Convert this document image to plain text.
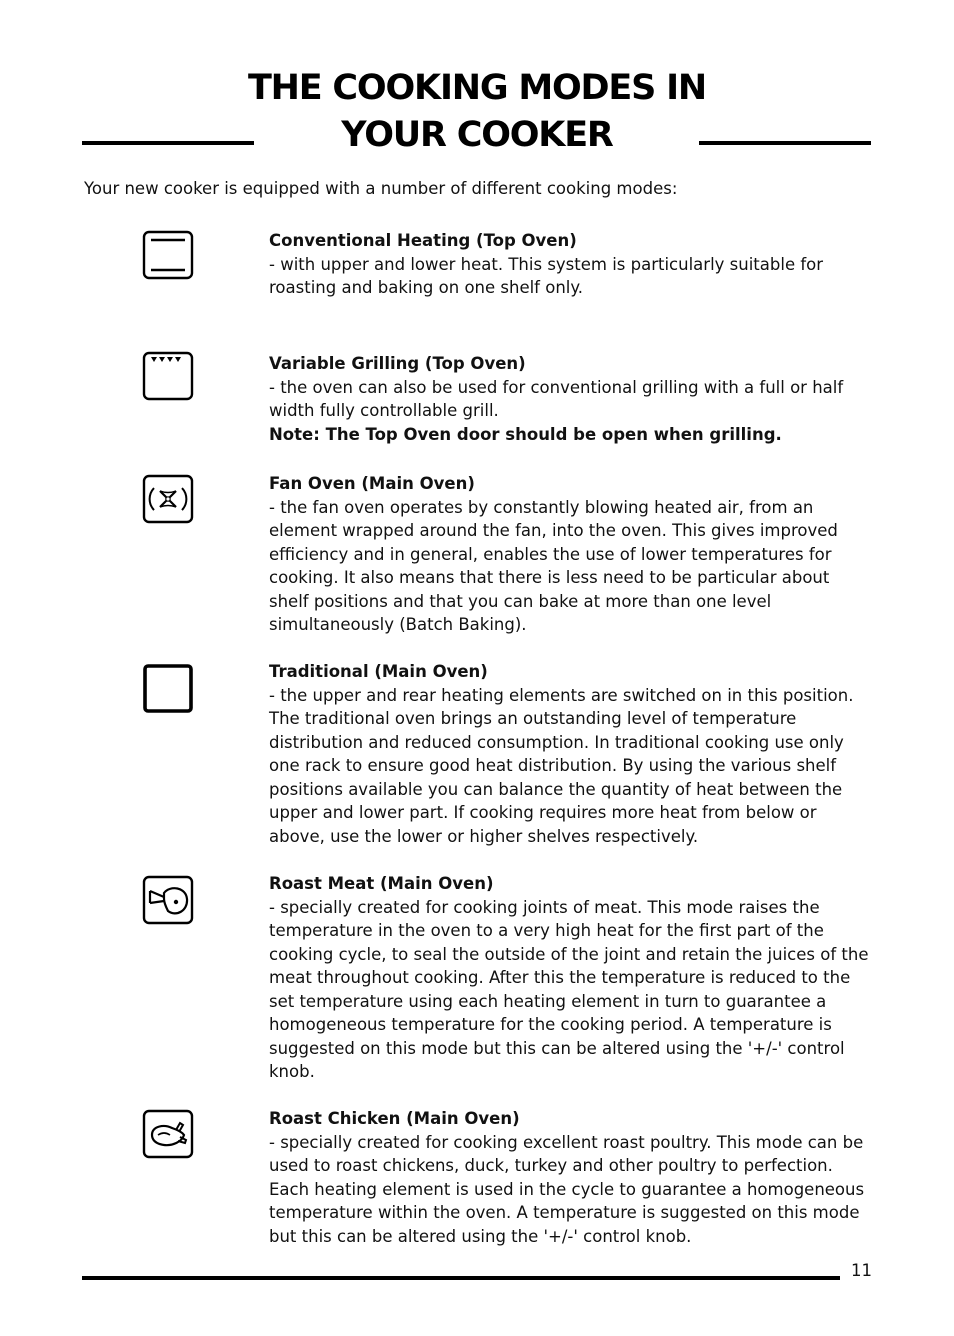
THE COOKING MODES IN
YOUR COOKER

Your new cooker is equipped with a number of different cooking modes:

Conventional Heating (Top Oven)
- with upper and lower heat. This system is particularly suitable for roasting and baking on one shelf only.
Variable Grilling (Top Oven)
- the oven can also be used for conventional grilling with a full or half width fully controllable grill.
Note: The Top Oven door should be open when grilling.
Fan Oven (Main Oven)
- the fan oven operates by constantly blowing heated air, from an element wrapped around the fan, into the oven. This gives improved efficiency and in general, enables the use of lower temperatures for cooking. It also means that there is less need to be particular about shelf positions and that you can bake at more than one level simultaneously (Batch Baking).
Traditional (Main Oven)
- the upper and rear heating elements are switched on in this position. The traditional oven brings an outstanding level of temperature distribution and reduced consumption. In traditional cooking use only one rack to ensure good heat distribution. By using the various shelf positions available you can balance the quantity of heat between the upper and lower part. If cooking requires more heat from below or above, use the lower or higher shelves respectively.
Roast Meat (Main Oven)
- specially created for cooking joints of meat. This mode raises the temperature in the oven to a very high heat for the first part of the cooking cycle, to seal the outside of the joint and retain the juices of the meat throughout cooking. After this the temperature is reduced to the set temperature using each heating element in turn to guarantee a homogeneous temperature for the cooking period. A temperature is suggested on this mode but this can be altered using the '+/-' control knob.
Roast Chicken (Main Oven)
- specially created for cooking excellent roast poultry. This mode can be used to roast chickens, duck, turkey and other poultry to perfection. Each heating element is used in the cycle to guarantee a homogeneous temperature within the oven. A temperature is suggested on this mode but this can be altered using the '+/-' control knob.
11
